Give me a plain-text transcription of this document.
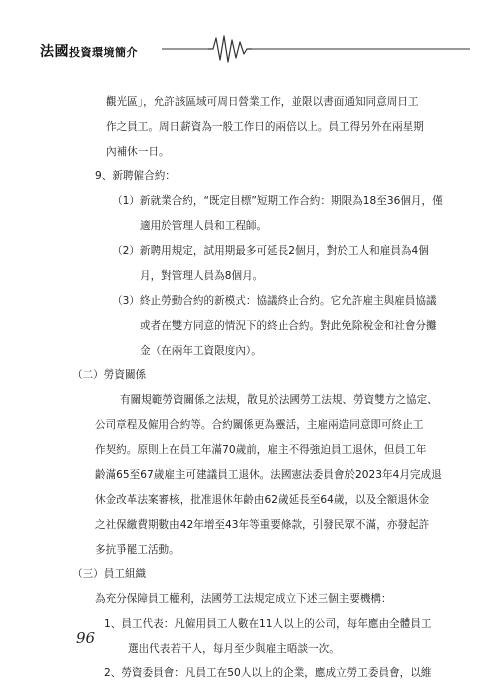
法國投資環境簡介
觀光區」，允許該區域可周日營業工作，並限以書面通知同意周日工
作之員工。周日薪資為一般工作日的兩倍以上。員工得另外在兩星期
內補休一日。
9、新聘僱合約：
（1）新就業合約，“既定目標”短期工作合約：期限為18至36個月，僅
適用於管理人員和工程師。
（2）新聘用規定，試用期最多可延長2個月，對於工人和雇員為4個
月，對管理人員為8個月。
（3）終止勞動合約的新模式：協議終止合約。它允許雇主與雇員協議
或者在雙方同意的情況下的終止合約。對此免除稅金和社會分攤
金（在兩年工資限度內）。
（二）勞資關係
有關規範勞資關係之法規，散見於法國勞工法規、勞資雙方之協定、
公司章程及僱用合約等。合約關係更為靈活，主雇兩造同意即可終止工
作契約。原則上在員工年滿70歲前，雇主不得強迫員工退休，但員工年
齡滿65至67歲雇主可建議員工退休。法國憲法委員會於2023年4月完成退
休金改革法案審核，批准退休年齡由62歲延長至64歲，以及全額退休金
之社保繳費期數由42年增至43年等重要條款，引發民眾不滿，亦發起許
多抗爭罷工活動。
（三）員工組織
為充分保障員工權利，法國勞工法規定成立下述三個主要機構：
1、員工代表：凡僱用員工人數在11人以上的公司，每年應由全體員工
選出代表若干人，每月至少與雇主晤談一次。
2、勞資委員會：凡員工在50人以上的企業，應成立勞工委員會，以維
96
